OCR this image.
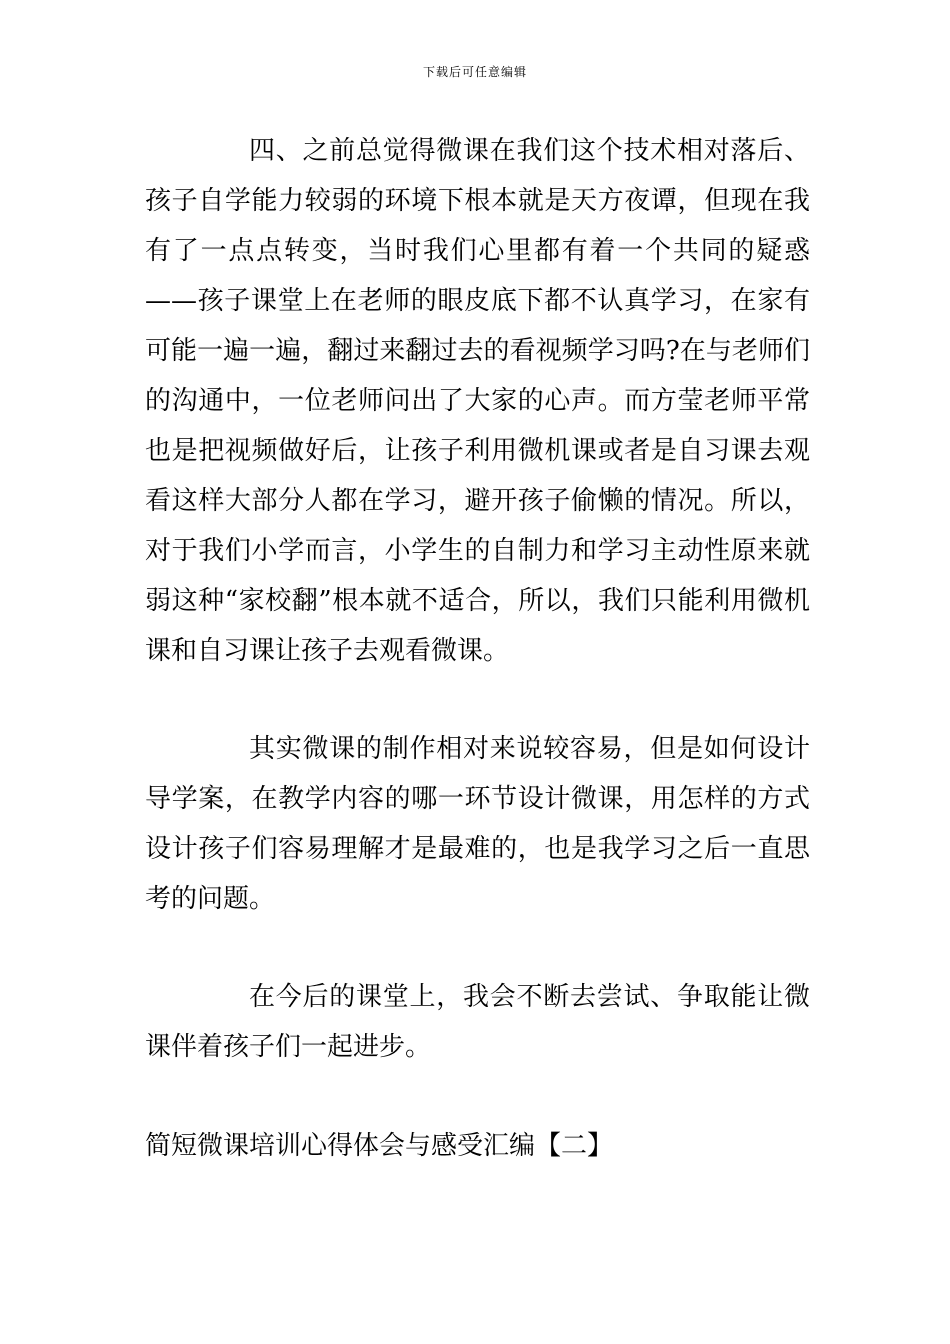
下载后可任意编辑

四、之前总觉得微课在我们这个技术相对落后、孩子自学能力较弱的环境下根本就是天方夜谭，但现在我有了一点点转变，当时我们心里都有着一个共同的疑惑——孩子课堂上在老师的眼皮底下都不认真学习，在家有可能一遍一遍，翻过来翻过去的看视频学习吗?在与老师们的沟通中，一位老师问出了大家的心声。而方莹老师平常也是把视频做好后，让孩子利用微机课或者是自习课去观看这样大部分人都在学习，避开孩子偷懒的情况。所以，对于我们小学而言，小学生的自制力和学习主动性原来就弱这种“家校翻”根本就不适合，所以，我们只能利用微机课和自习课让孩子去观看微课。

其实微课的制作相对来说较容易，但是如何设计导学案，在教学内容的哪一环节设计微课，用怎样的方式设计孩子们容易理解才是最难的，也是我学习之后一直思考的问题。

在今后的课堂上，我会不断去尝试、争取能让微课伴着孩子们一起进步。

简短微课培训心得体会与感受汇编【二】
